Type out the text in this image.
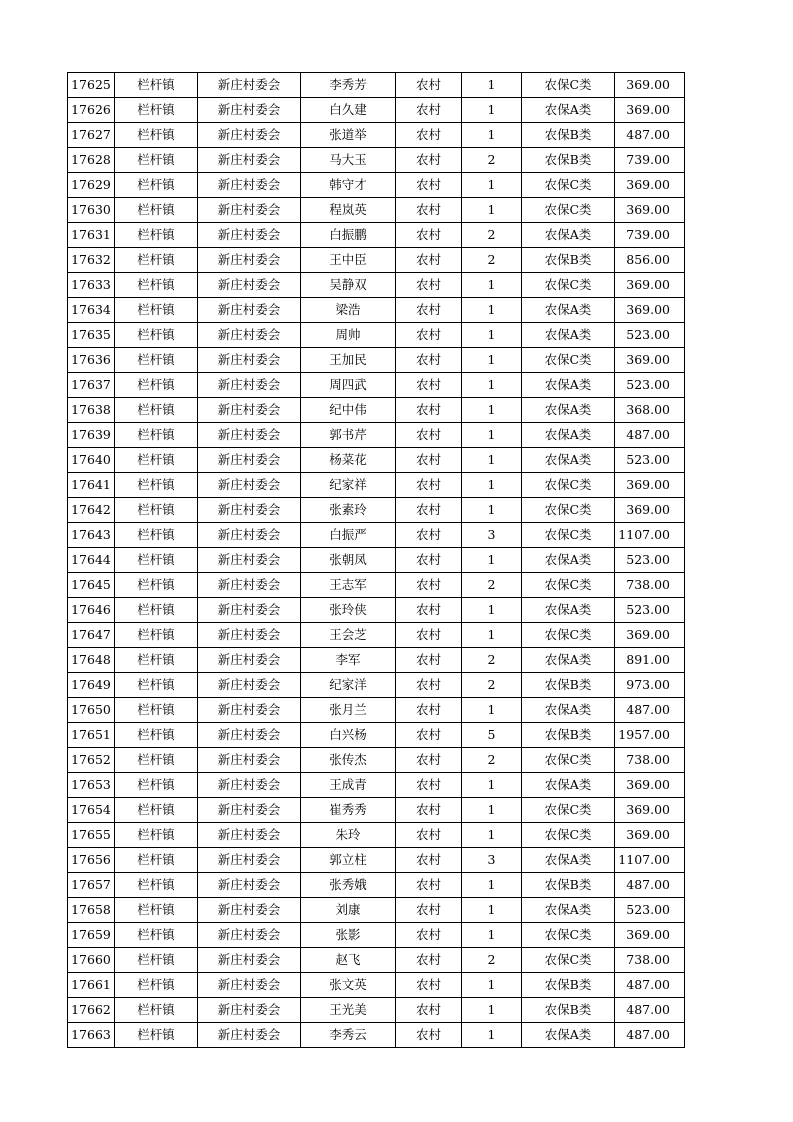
17625	栏杆镇	新庄村委会	李秀芳	农村	1	农保C类	369.00
17626	栏杆镇	新庄村委会	白久建	农村	1	农保A类	369.00
17627	栏杆镇	新庄村委会	张道举	农村	1	农保B类	487.00
17628	栏杆镇	新庄村委会	马大玉	农村	2	农保B类	739.00
17629	栏杆镇	新庄村委会	韩守才	农村	1	农保C类	369.00
17630	栏杆镇	新庄村委会	程岚英	农村	1	农保C类	369.00
17631	栏杆镇	新庄村委会	白振鹏	农村	2	农保A类	739.00
17632	栏杆镇	新庄村委会	王中臣	农村	2	农保B类	856.00
17633	栏杆镇	新庄村委会	吴静双	农村	1	农保C类	369.00
17634	栏杆镇	新庄村委会	梁浩	农村	1	农保A类	369.00
17635	栏杆镇	新庄村委会	周帅	农村	1	农保A类	523.00
17636	栏杆镇	新庄村委会	王加民	农村	1	农保C类	369.00
17637	栏杆镇	新庄村委会	周四武	农村	1	农保A类	523.00
17638	栏杆镇	新庄村委会	纪中伟	农村	1	农保A类	368.00
17639	栏杆镇	新庄村委会	郭书芹	农村	1	农保A类	487.00
17640	栏杆镇	新庄村委会	杨菜花	农村	1	农保A类	523.00
17641	栏杆镇	新庄村委会	纪家祥	农村	1	农保C类	369.00
17642	栏杆镇	新庄村委会	张素玲	农村	1	农保C类	369.00
17643	栏杆镇	新庄村委会	白振严	农村	3	农保C类	1107.00
17644	栏杆镇	新庄村委会	张朝凤	农村	1	农保A类	523.00
17645	栏杆镇	新庄村委会	王志军	农村	2	农保C类	738.00
17646	栏杆镇	新庄村委会	张玲侠	农村	1	农保A类	523.00
17647	栏杆镇	新庄村委会	王会芝	农村	1	农保C类	369.00
17648	栏杆镇	新庄村委会	李军	农村	2	农保A类	891.00
17649	栏杆镇	新庄村委会	纪家洋	农村	2	农保B类	973.00
17650	栏杆镇	新庄村委会	张月兰	农村	1	农保A类	487.00
17651	栏杆镇	新庄村委会	白兴杨	农村	5	农保B类	1957.00
17652	栏杆镇	新庄村委会	张传杰	农村	2	农保C类	738.00
17653	栏杆镇	新庄村委会	王成青	农村	1	农保A类	369.00
17654	栏杆镇	新庄村委会	崔秀秀	农村	1	农保C类	369.00
17655	栏杆镇	新庄村委会	朱玲	农村	1	农保C类	369.00
17656	栏杆镇	新庄村委会	郭立柱	农村	3	农保A类	1107.00
17657	栏杆镇	新庄村委会	张秀娥	农村	1	农保B类	487.00
17658	栏杆镇	新庄村委会	刘康	农村	1	农保A类	523.00
17659	栏杆镇	新庄村委会	张影	农村	1	农保C类	369.00
17660	栏杆镇	新庄村委会	赵飞	农村	2	农保C类	738.00
17661	栏杆镇	新庄村委会	张文英	农村	1	农保B类	487.00
17662	栏杆镇	新庄村委会	王光美	农村	1	农保B类	487.00
17663	栏杆镇	新庄村委会	李秀云	农村	1	农保A类	487.00
